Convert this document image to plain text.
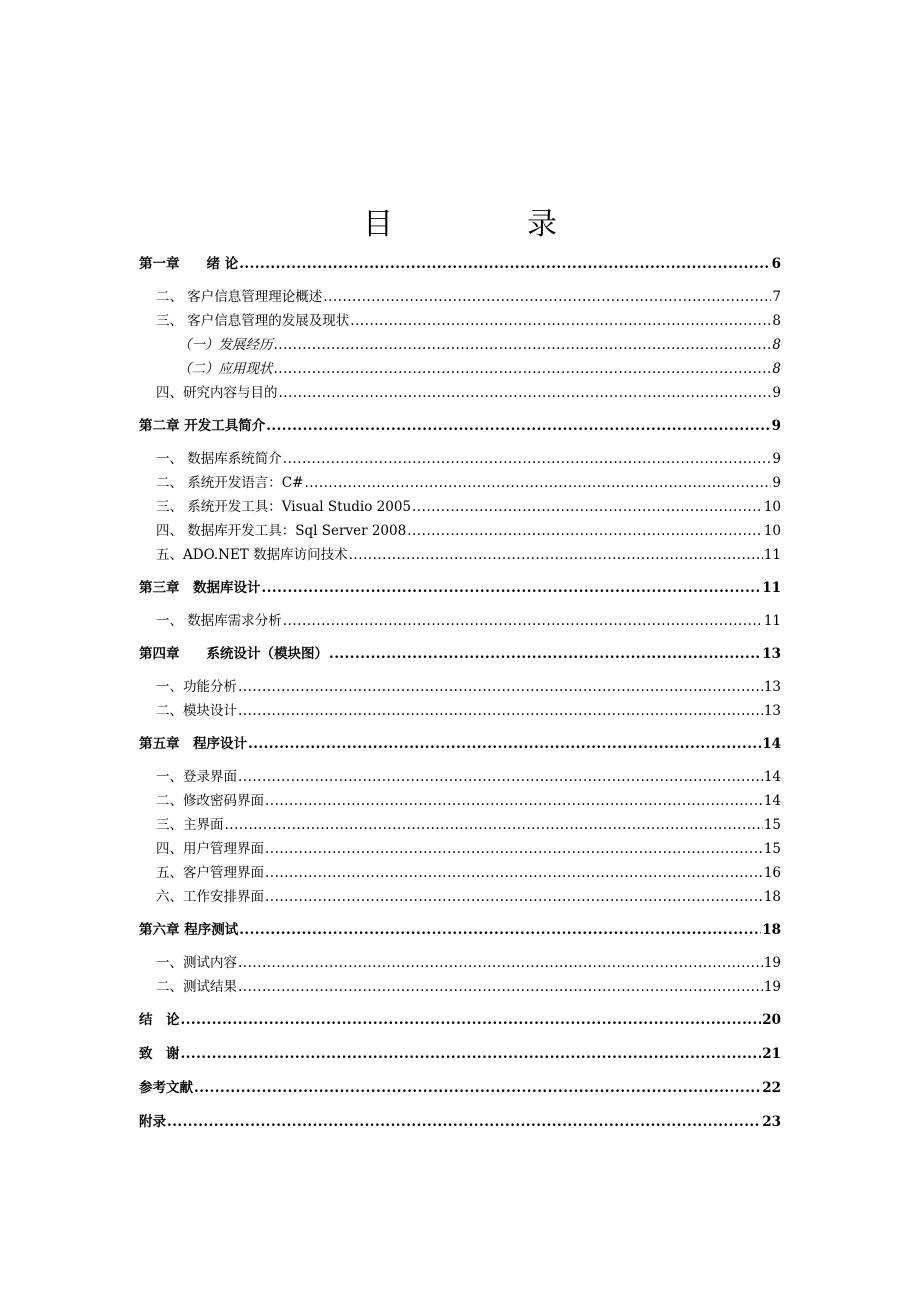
目　录
第一章　　绪 论 .....	6
二、 客户信息管理理论概述 .....	7
三、 客户信息管理的发展及现状 .....	8
（一）发展经历 .....	8
（二）应用现状 .....	8
四、研究内容与目的 .....	9
第二章 开发工具简介 .....	9
一、 数据库系统简介 .....	9
二、 系统开发语言：C# .....	9
三、 系统开发工具：Visual Studio 2005 .....	10
四、 数据库开发工具：Sql Server 2008 .....	10
五、ADO.NET 数据库访问技术 .....	11
第三章　数据库设计 .....	11
一、 数据库需求分析 .....	11
第四章　　系统设计（模块图） .....	13
一、功能分析 .....	13
二、模块设计 .....	13
第五章　程序设计 .....	14
一、登录界面 .....	14
二、修改密码界面 .....	14
三、主界面 .....	15
四、用户管理界面 .....	15
五、客户管理界面 .....	16
六、工作安排界面 .....	18
第六章 程序测试 .....	18
一、测试内容 .....	19
二、测试结果 .....	19
结　论 .....	20
致　谢 .....	21
参考文献 .....	22
附录 .....	23
